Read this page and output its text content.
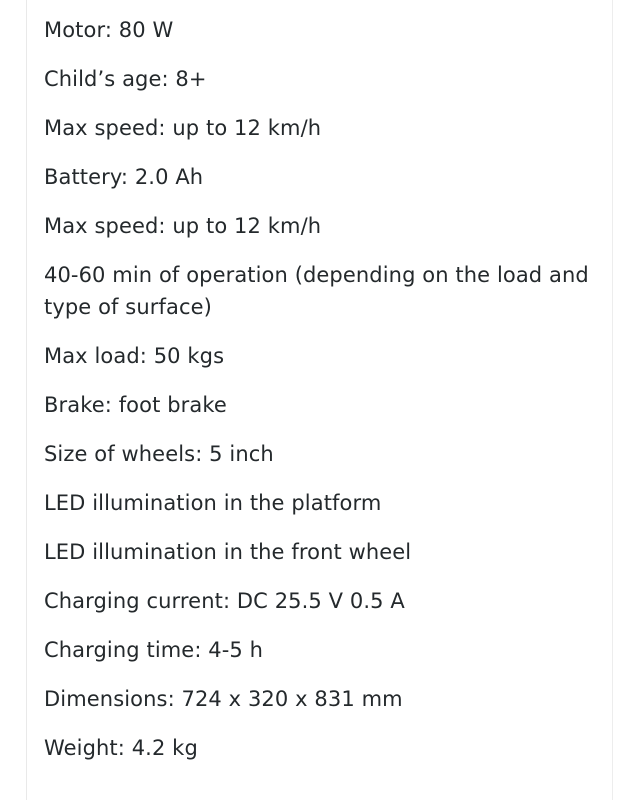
Motor: 80 W
Child’s age: 8+
Max speed: up to 12 km/h
Battery: 2.0 Ah
Max speed: up to 12 km/h
40-60 min of operation (depending on the load and type of surface)
Max load: 50 kgs
Brake: foot brake
Size of wheels: 5 inch
LED illumination in the platform
LED illumination in the front wheel
Charging current: DC 25.5 V 0.5 A
Charging time: 4-5 h
Dimensions: 724 x 320 x 831 mm
Weight: 4.2 kg
